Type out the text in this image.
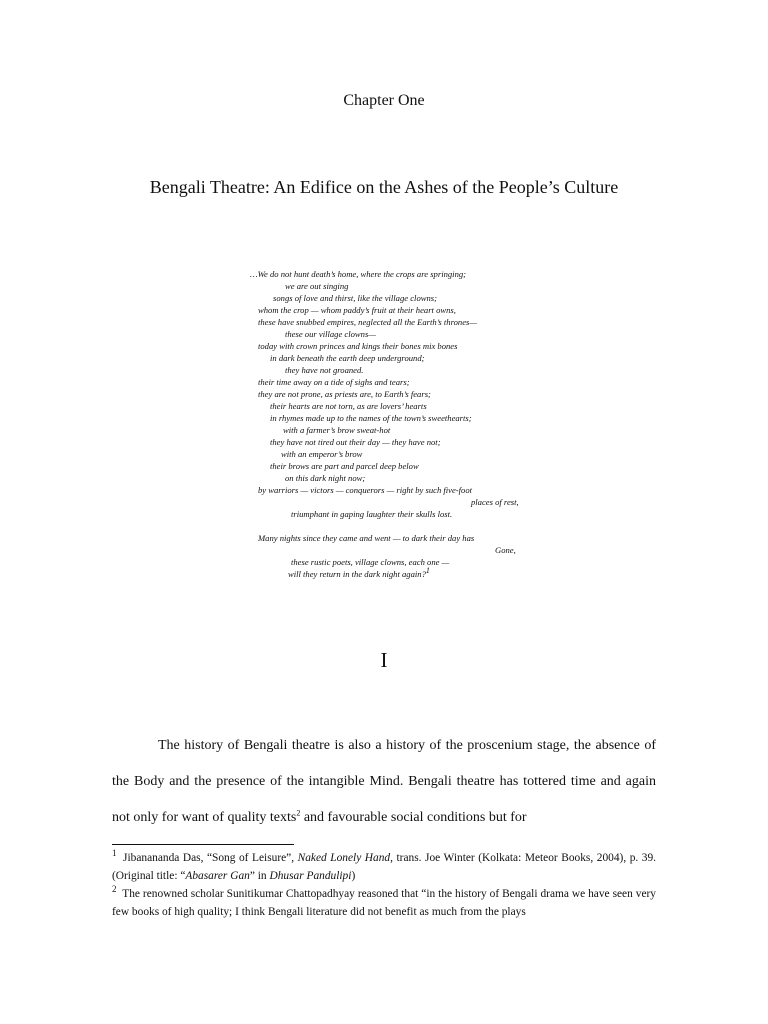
Chapter One
Bengali Theatre: An Edifice on the Ashes of the People’s Culture
…We do not hunt death’s home, where the crops are springing;
we are out singing
songs of love and thirst, like the village clowns;
whom the crop — whom paddy’s fruit at their heart owns,
these have snubbed empires, neglected all the Earth’s thrones—
these our village clowns—
today with crown princes and kings their bones mix bones
in dark beneath the earth deep underground;
they have not groaned.
their time away on a tide of sighs and tears;
they are not prone, as priests are, to Earth’s fears;
their hearts are not torn, as are lovers’ hearts
in rhymes made up to the names of the town’s sweethearts;
with a farmer’s brow sweat-hot
they have not tired out their day — they have not;
with an emperor’s brow
their brows are part and parcel deep below
on this dark night now;
by warriors — victors — conquerors — right by such five-foot
places of rest,
triumphant in gaping laughter their skulls lost.
Many nights since they came and went — to dark their day has
Gone,
these rustic poets, village clowns, each one —
will they return in the dark night again?1
I

The history of Bengali theatre is also a history of the proscenium stage, the absence of the Body and the presence of the intangible Mind. Bengali theatre has tottered time and again not only for want of quality texts$^2$ and favourable social conditions but for

$^1$ Jibanananda Das, “Song of Leisure”, Naked Lonely Hand, trans. Joe Winter (Kolkata: Meteor Books, 2004), p. 39. (Original title: “Abasarer Gan” in Dhusar Pandulipi)

$^2$ The renowned scholar Sunitikumar Chattopadhyay reasoned that “in the history of Bengali drama we have seen very few books of high quality; I think Bengali literature did not benefit as much from the plays
